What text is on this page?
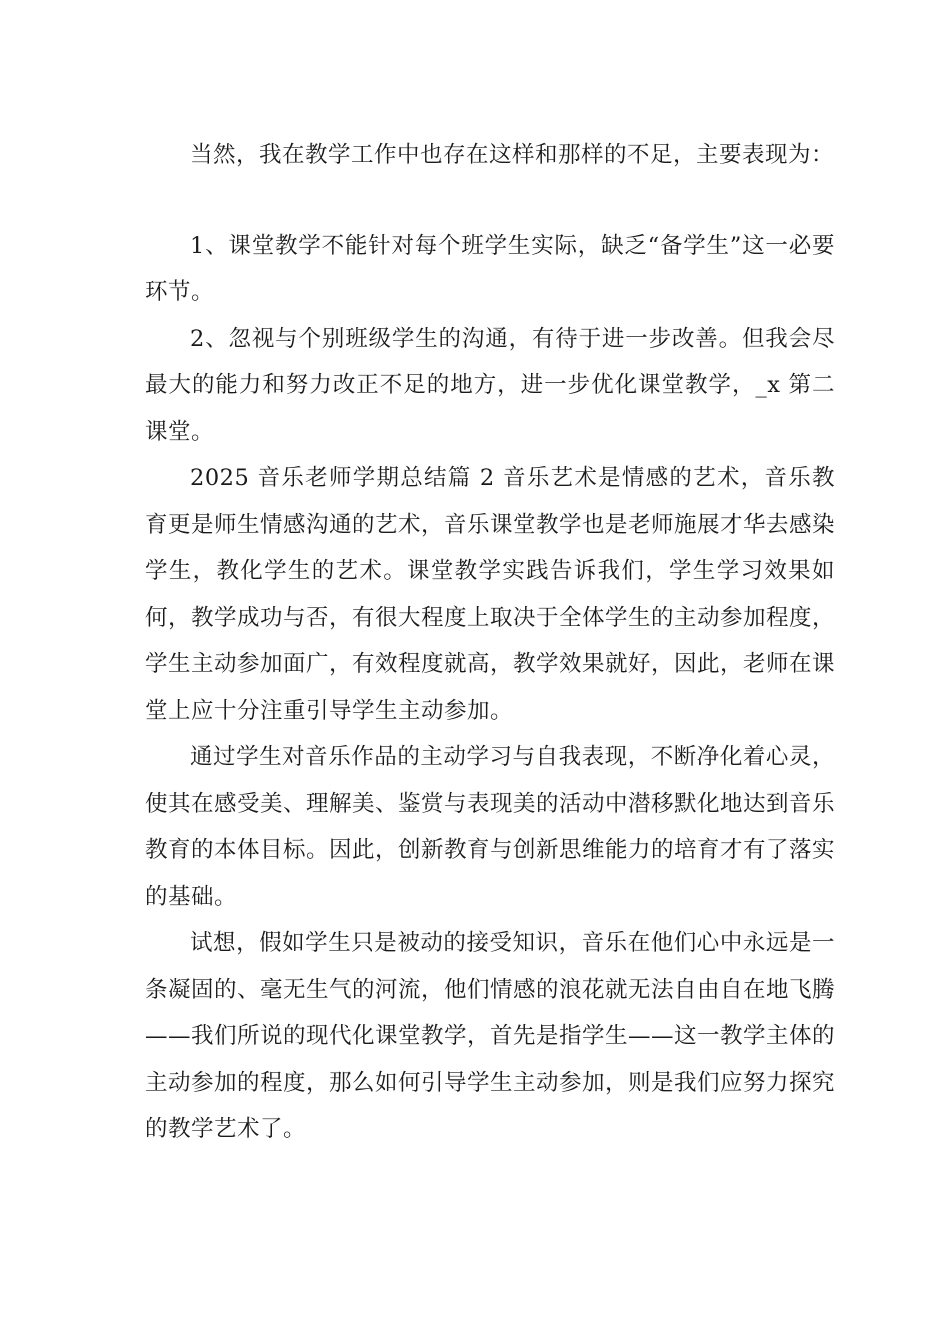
当然，我在教学工作中也存在这样和那样的不足，主要表现为：

1、课堂教学不能针对每个班学生实际，缺乏“备学生”这一必要环节。

2、忽视与个别班级学生的沟通，有待于进一步改善。但我会尽最大的能力和努力改正不足的地方，进一步优化课堂教学，_x 第二课堂。

2025 音乐老师学期总结篇 2 音乐艺术是情感的艺术，音乐教育更是师生情感沟通的艺术，音乐课堂教学也是老师施展才华去感染学生，教化学生的艺术。课堂教学实践告诉我们，学生学习效果如何，教学成功与否，有很大程度上取决于全体学生的主动参加程度，学生主动参加面广，有效程度就高，教学效果就好，因此，老师在课堂上应十分注重引导学生主动参加。

通过学生对音乐作品的主动学习与自我表现，不断净化着心灵，使其在感受美、理解美、鉴赏与表现美的活动中潜移默化地达到音乐教育的本体目标。因此，创新教育与创新思维能力的培育才有了落实的基础。

试想，假如学生只是被动的接受知识，音乐在他们心中永远是一条凝固的、毫无生气的河流，他们情感的浪花就无法自由自在地飞腾——我们所说的现代化课堂教学，首先是指学生——这一教学主体的主动参加的程度，那么如何引导学生主动参加，则是我们应努力探究的教学艺术了。
